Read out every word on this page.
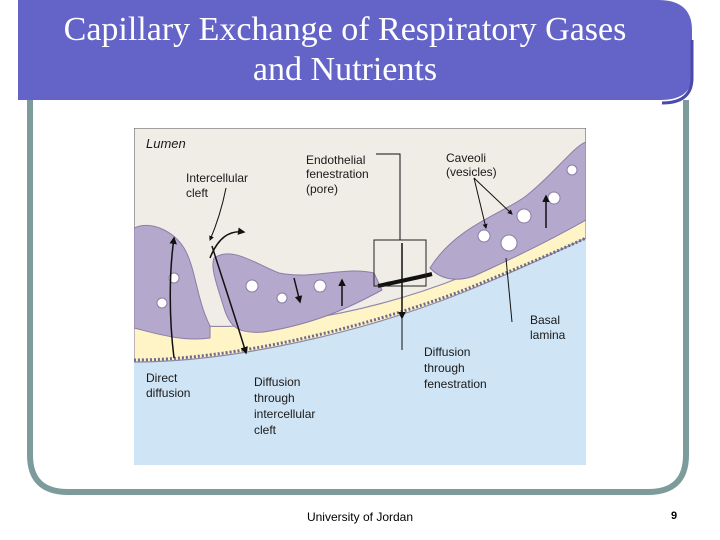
Capillary Exchange of Respiratory Gases
and Nutrients
Lumen
Intercellular cleft
Endothelial fenestration (pore)
Caveoli (vesicles)
Basal lamina
Direct diffusion
Diffusion through intercellular cleft
Diffusion through fenestration
University of Jordan	9
